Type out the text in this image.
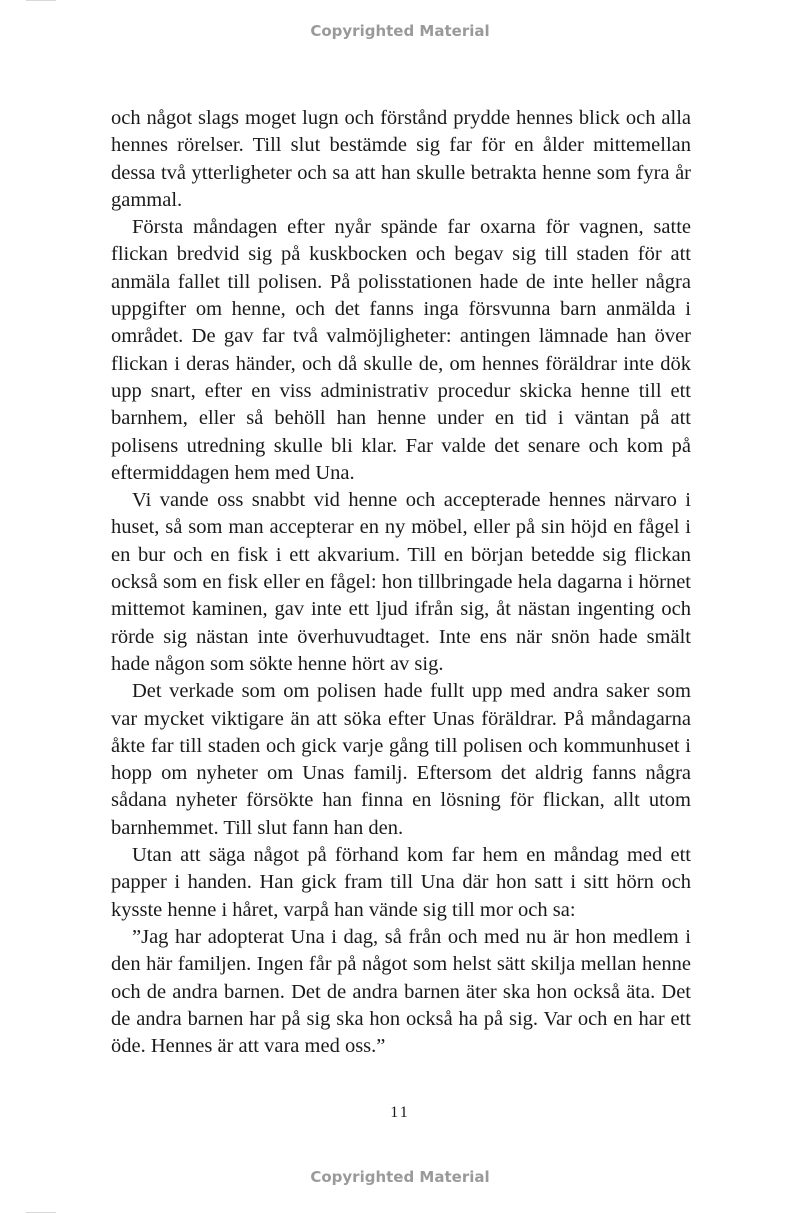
Copyrighted Material

och något slags moget lugn och förstånd prydde hennes blick och alla hennes rörelser. Till slut bestämde sig far för en ålder mittemellan dessa två ytterligheter och sa att han skulle betrakta henne som fyra år gammal.

Första måndagen efter nyår spände far oxarna för vagnen, satte flickan bredvid sig på kuskbocken och begav sig till staden för att anmäla fallet till polisen. På polisstationen hade de inte heller några uppgifter om henne, och det fanns inga försvunna barn anmälda i området. De gav far två valmöjligheter: antingen lämnade han över flickan i deras händer, och då skulle de, om hennes föräldrar inte dök upp snart, efter en viss administrativ procedur skicka henne till ett barnhem, eller så behöll han henne under en tid i väntan på att polisens utredning skulle bli klar. Far valde det senare och kom på eftermiddagen hem med Una.

Vi vande oss snabbt vid henne och accepterade hennes närvaro i huset, så som man accepterar en ny möbel, eller på sin höjd en fågel i en bur och en fisk i ett akvarium. Till en början betedde sig flickan också som en fisk eller en fågel: hon tillbringade hela dagarna i hörnet mittemot kaminen, gav inte ett ljud ifrån sig, åt nästan ingenting och rörde sig nästan inte överhuvudtaget. Inte ens när snön hade smält hade någon som sökte henne hört av sig.

Det verkade som om polisen hade fullt upp med andra saker som var mycket viktigare än att söka efter Unas föräldrar. På måndagarna åkte far till staden och gick varje gång till polisen och kommunhuset i hopp om nyheter om Unas familj. Eftersom det aldrig fanns några sådana nyheter försökte han finna en lösning för flickan, allt utom barnhemmet. Till slut fann han den.

Utan att säga något på förhand kom far hem en måndag med ett papper i handen. Han gick fram till Una där hon satt i sitt hörn och kysste henne i håret, varpå han vände sig till mor och sa:

”Jag har adopterat Una i dag, så från och med nu är hon medlem i den här familjen. Ingen får på något som helst sätt skilja mellan henne och de andra barnen. Det de andra barnen äter ska hon också äta. Det de andra barnen har på sig ska hon också ha på sig. Var och en har ett öde. Hennes är att vara med oss.”

11
Copyrighted Material
